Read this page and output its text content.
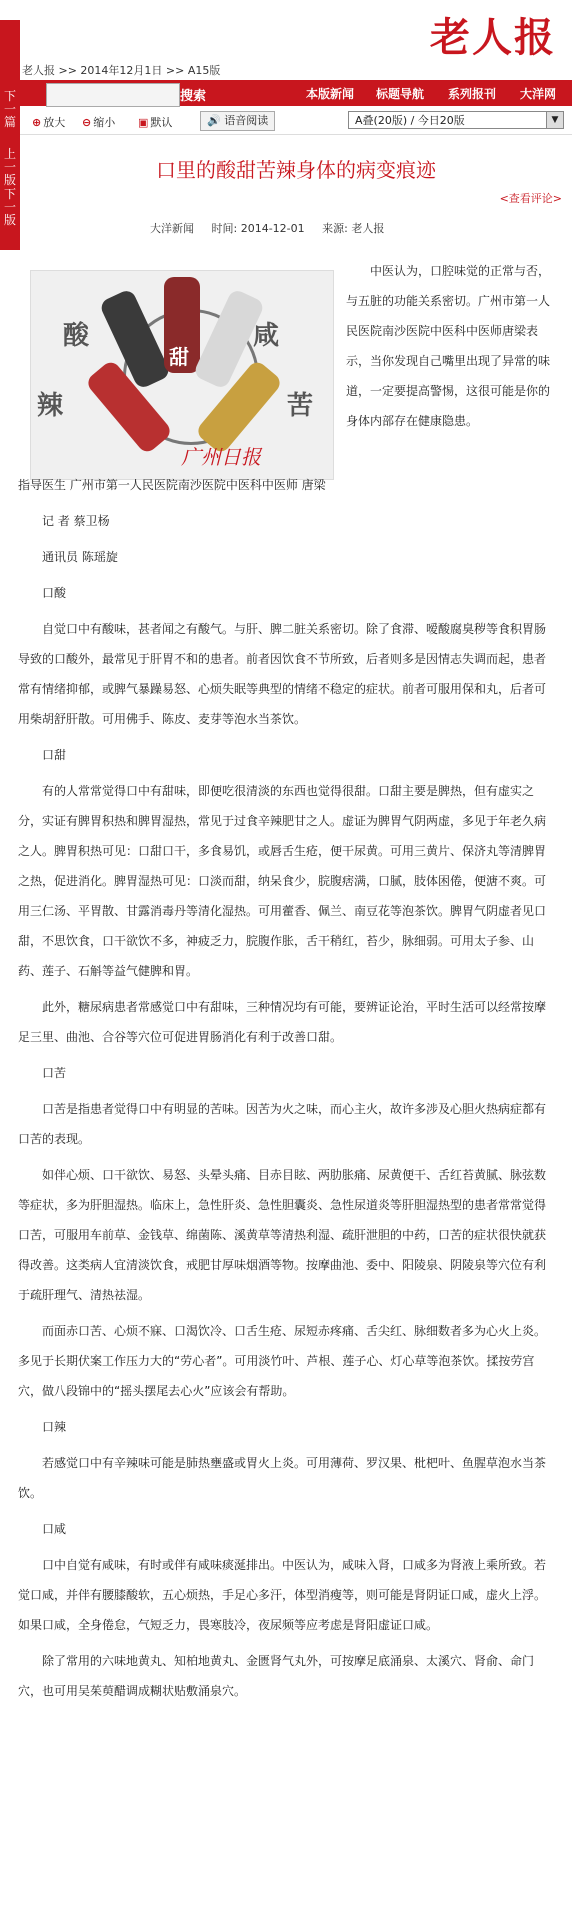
下一篇
上一版
下一版
老人报
老人报 >> 2014年12月1日 >> A15版
搜索	本版新闻 标题导航 系列报刊 大洋网
⊕ 放大 ⊖ 缩小 ▣ 默认	🔊 语音阅读	A叠(20版) / 今日20版	▼
口里的酸甜苦辣身体的病变痕迹
<查看评论>
大洋新闻 时间: 2014-12-01 来源: 老人报
酸
甜
咸
辣	苦
广州日报

中医认为，口腔味觉的正常与否，与五脏的功能关系密切。广州市第一人民医院南沙医院中医科中医师唐梁表示，当你发现自己嘴里出现了异常的味道，一定要提高警惕，这很可能是你的身体内部存在健康隐患。

指导医生 广州市第一人民医院南沙医院中医科中医师 唐梁

记 者 蔡卫杨

通讯员 陈瑶旋

口酸

自觉口中有酸味，甚者闻之有酸气。与肝、脾二脏关系密切。除了食滞、嗳酸腐臭秽等食积胃肠导致的口酸外，最常见于肝胃不和的患者。前者因饮食不节所致，后者则多是因情志失调而起，患者常有情绪抑郁，或脾气暴躁易怒、心烦失眠等典型的情绪不稳定的症状。前者可服用保和丸，后者可用柴胡舒肝散。可用佛手、陈皮、麦芽等泡水当茶饮。

口甜

有的人常常觉得口中有甜味，即便吃很清淡的东西也觉得很甜。口甜主要是脾热，但有虚实之分，实证有脾胃积热和脾胃湿热，常见于过食辛辣肥甘之人。虚证为脾胃气阴两虚，多见于年老久病之人。脾胃积热可见：口甜口干，多食易饥，或唇舌生疮，便干尿黄。可用三黄片、保济丸等清脾胃之热，促进消化。脾胃湿热可见：口淡而甜，纳呆食少，脘腹痞满，口腻，肢体困倦，便溏不爽。可用三仁汤、平胃散、甘露消毒丹等清化湿热。可用藿香、佩兰、南豆花等泡茶饮。脾胃气阴虚者见口甜，不思饮食，口干欲饮不多，神疲乏力，脘腹作胀，舌干稍红，苔少，脉细弱。可用太子参、山药、莲子、石斛等益气健脾和胃。

此外，糖尿病患者常感觉口中有甜味，三种情况均有可能，要辨证论治，平时生活可以经常按摩足三里、曲池、合谷等穴位可促进胃肠消化有利于改善口甜。

口苦

口苦是指患者觉得口中有明显的苦味。因苦为火之味，而心主火，故许多涉及心胆火热病症都有口苦的表现。

如伴心烦、口干欲饮、易怒、头晕头痛、目赤目眩、两肋胀痛、尿黄便干、舌红苔黄腻、脉弦数等症状，多为肝胆湿热。临床上，急性肝炎、急性胆囊炎、急性尿道炎等肝胆湿热型的患者常常觉得口苦，可服用车前草、金钱草、绵菌陈、溪黄草等清热利湿、疏肝泄胆的中药，口苦的症状很快就获得改善。这类病人宜清淡饮食，戒肥甘厚味烟酒等物。按摩曲池、委中、阳陵泉、阴陵泉等穴位有利于疏肝理气、清热祛湿。

而面赤口苦、心烦不寐、口渴饮冷、口舌生疮、尿短赤疼痛、舌尖红、脉细数者多为心火上炎。多见于长期伏案工作压力大的“劳心者”。可用淡竹叶、芦根、莲子心、灯心草等泡茶饮。揉按劳宫穴，做八段锦中的“摇头摆尾去心火”应该会有帮助。

口辣

若感觉口中有辛辣味可能是肺热壅盛或胃火上炎。可用薄荷、罗汉果、枇杷叶、鱼腥草泡水当茶饮。

口咸

口中自觉有咸味，有时或伴有咸味痰涎排出。中医认为，咸味入肾，口咸多为肾液上乘所致。若觉口咸，并伴有腰膝酸软，五心烦热，手足心多汗，体型消瘦等，则可能是肾阴证口咸，虚火上浮。如果口咸，全身倦怠，气短乏力，畏寒肢冷，夜尿频等应考虑是肾阳虚证口咸。

除了常用的六味地黄丸、知柏地黄丸、金匮肾气丸外，可按摩足底涌泉、太溪穴、肾俞、命门穴，也可用吴茱萸醋调成糊状贴敷涌泉穴。
